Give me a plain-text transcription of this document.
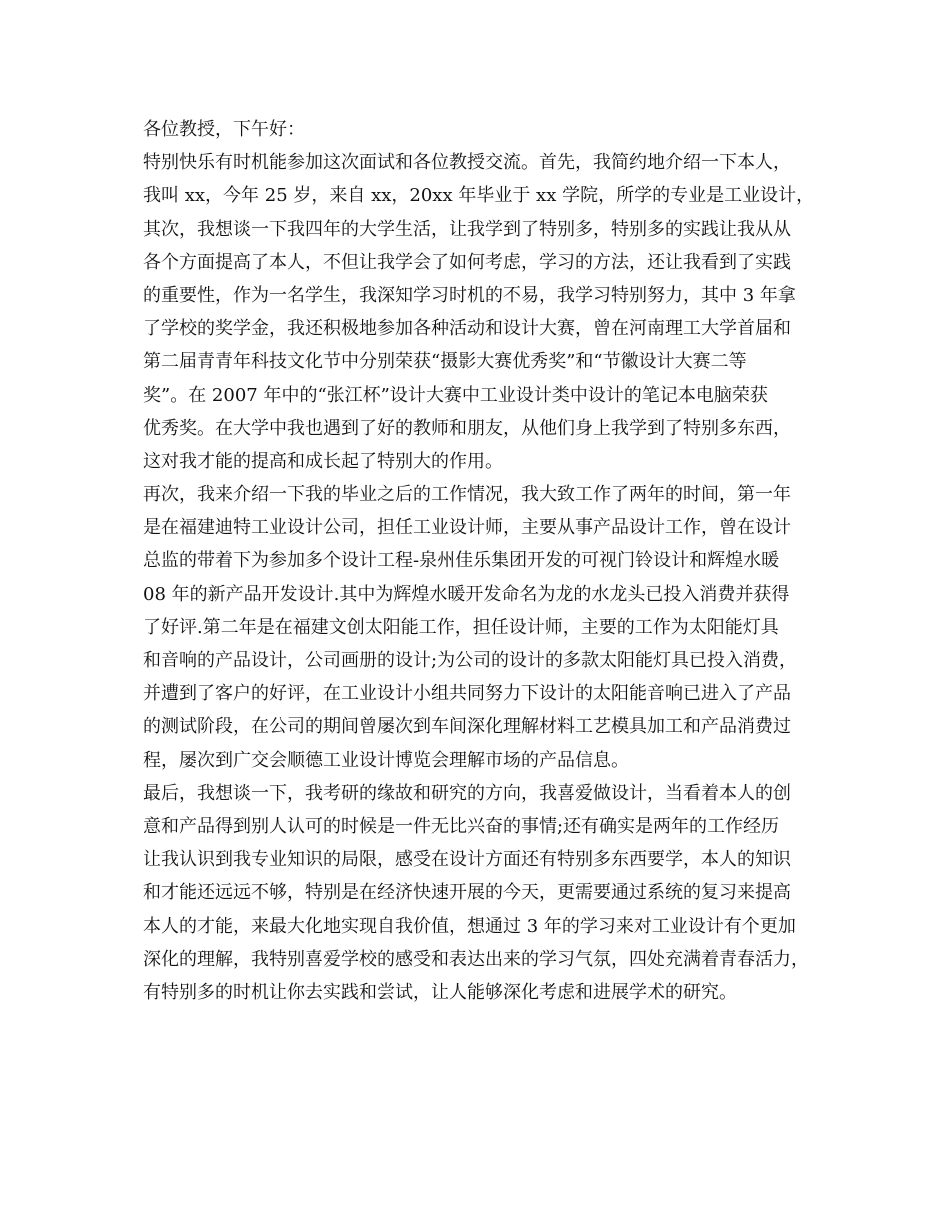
各位教授，下午好：
特别快乐有时机能参加这次面试和各位教授交流。首先，我简约地介绍一下本人，
我叫 xx，今年 25 岁，来自 xx，20xx 年毕业于 xx 学院，所学的专业是工业设计，
其次，我想谈一下我四年的大学生活，让我学到了特别多，特别多的实践让我从从
各个方面提高了本人，不但让我学会了如何考虑，学习的方法，还让我看到了实践
的重要性，作为一名学生，我深知学习时机的不易，我学习特别努力，其中 3 年拿
了学校的奖学金，我还积极地参加各种活动和设计大赛，曾在河南理工大学首届和
第二届青青年科技文化节中分别荣获“摄影大赛优秀奖”和“节徽设计大赛二等
奖”。在 2007 年中的“张江杯”设计大赛中工业设计类中设计的笔记本电脑荣获
优秀奖。在大学中我也遇到了好的教师和朋友，从他们身上我学到了特别多东西，
这对我才能的提高和成长起了特别大的作用。
再次，我来介绍一下我的毕业之后的工作情况，我大致工作了两年的时间，第一年
是在福建迪特工业设计公司，担任工业设计师，主要从事产品设计工作，曾在设计
总监的带着下为参加多个设计工程-泉州佳乐集团开发的可视门铃设计和辉煌水暖
08 年的新产品开发设计.其中为辉煌水暖开发命名为龙的水龙头已投入消费并获得
了好评.第二年是在福建文创太阳能工作，担任设计师，主要的工作为太阳能灯具
和音响的产品设计，公司画册的设计;为公司的设计的多款太阳能灯具已投入消费，
并遭到了客户的好评，在工业设计小组共同努力下设计的太阳能音响已进入了产品
的测试阶段，在公司的期间曾屡次到车间深化理解材料工艺模具加工和产品消费过
程，屡次到广交会顺德工业设计博览会理解市场的产品信息。
最后，我想谈一下，我考研的缘故和研究的方向，我喜爱做设计，当看着本人的创
意和产品得到别人认可的时候是一件无比兴奋的事情;还有确实是两年的工作经历
让我认识到我专业知识的局限，感受在设计方面还有特别多东西要学，本人的知识
和才能还远远不够，特别是在经济快速开展的今天，更需要通过系统的复习来提高
本人的才能，来最大化地实现自我价值，想通过 3 年的学习来对工业设计有个更加
深化的理解，我特别喜爱学校的感受和表达出来的学习气氛，四处充满着青春活力，
有特别多的时机让你去实践和尝试，让人能够深化考虑和进展学术的研究。
